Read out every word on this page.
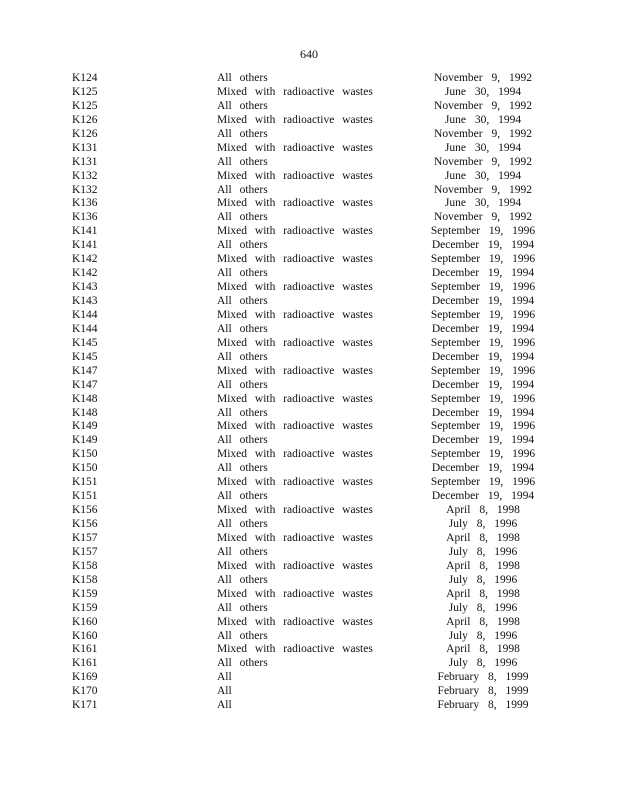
640
K124	All others	November 9, 1992
K125	Mixed with radioactive wastes	June 30, 1994
K125	All others	November 9, 1992
K126	Mixed with radioactive wastes	June 30, 1994
K126	All others	November 9, 1992
K131	Mixed with radioactive wastes	June 30, 1994
K131	All others	November 9, 1992
K132	Mixed with radioactive wastes	June 30, 1994
K132	All others	November 9, 1992
K136	Mixed with radioactive wastes	June 30, 1994
K136	All others	November 9, 1992
K141	Mixed with radioactive wastes	September 19, 1996
K141	All others	December 19, 1994
K142	Mixed with radioactive wastes	September 19, 1996
K142	All others	December 19, 1994
K143	Mixed with radioactive wastes	September 19, 1996
K143	All others	December 19, 1994
K144	Mixed with radioactive wastes	September 19, 1996
K144	All others	December 19, 1994
K145	Mixed with radioactive wastes	September 19, 1996
K145	All others	December 19, 1994
K147	Mixed with radioactive wastes	September 19, 1996
K147	All others	December 19, 1994
K148	Mixed with radioactive wastes	September 19, 1996
K148	All others	December 19, 1994
K149	Mixed with radioactive wastes	September 19, 1996
K149	All others	December 19, 1994
K150	Mixed with radioactive wastes	September 19, 1996
K150	All others	December 19, 1994
K151	Mixed with radioactive wastes	September 19, 1996
K151	All others	December 19, 1994
K156	Mixed with radioactive wastes	April 8, 1998
K156	All others	July 8, 1996
K157	Mixed with radioactive wastes	April 8, 1998
K157	All others	July 8, 1996
K158	Mixed with radioactive wastes	April 8, 1998
K158	All others	July 8, 1996
K159	Mixed with radioactive wastes	April 8, 1998
K159	All others	July 8, 1996
K160	Mixed with radioactive wastes	April 8, 1998
K160	All others	July 8, 1996
K161	Mixed with radioactive wastes	April 8, 1998
K161	All others	July 8, 1996
K169	All	February 8, 1999
K170	All	February 8, 1999
K171	All	February 8, 1999
